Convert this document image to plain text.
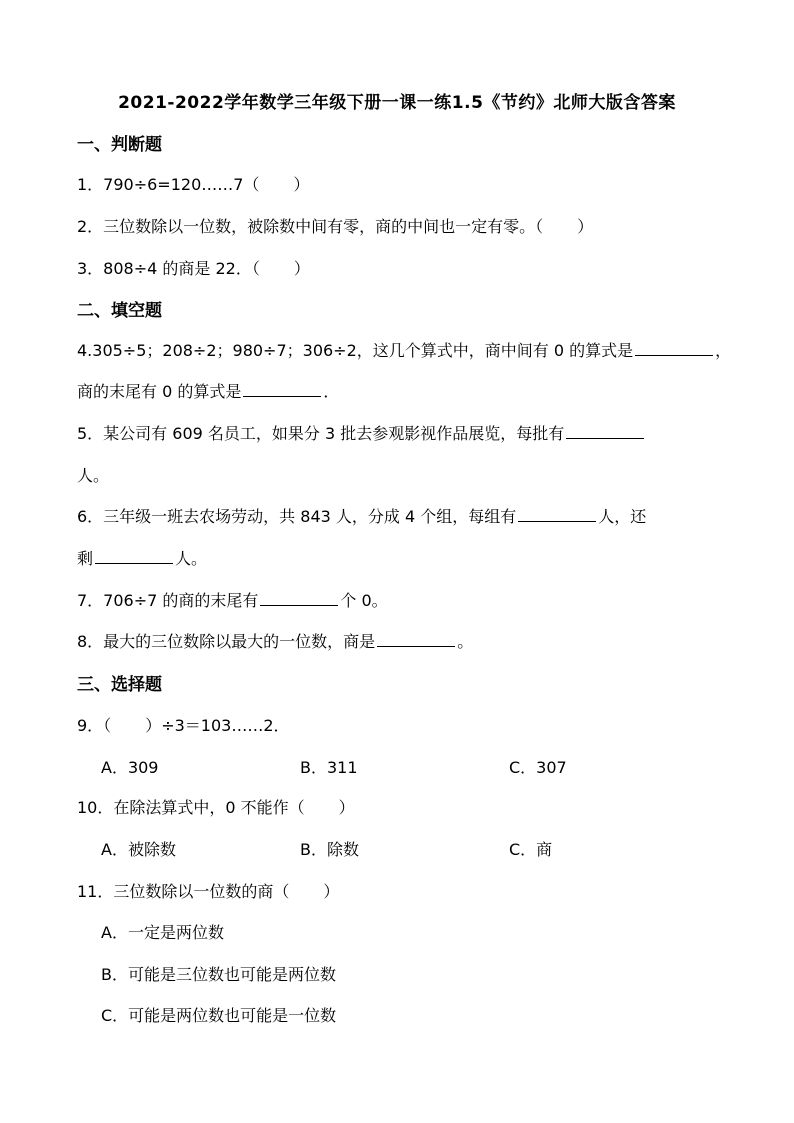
2021-2022学年数学三年级下册一课一练1.5《节约》北师大版含答案
一、判断题
1．790÷6=120……7（ ）
2．三位数除以一位数，被除数中间有零，商的中间也一定有零。（ ）
3．808÷4 的商是 22．（ ）
二、填空题
4.305÷5；208÷2；980÷7；306÷2，这几个算式中，商中间有 0 的算式是	，
商的末尾有 0 的算式是	．
5．某公司有 609 名员工，如果分 3 批去参观影视作品展览，每批有
人。
6．三年级一班去农场劳动，共 843 人，分成 4 个组，每组有	人，还
剩	人。
7．706÷7 的商的末尾有	个 0。
8．最大的三位数除以最大的一位数，商是	。
三、选择题
9．（ ）÷3＝103……2．
A．309	B．311	C．307
10．在除法算式中，0 不能作（ ）
A．被除数	B．除数	C．商
11．三位数除以一位数的商（ ）
A．一定是两位数
B．可能是三位数也可能是两位数
C．可能是两位数也可能是一位数
